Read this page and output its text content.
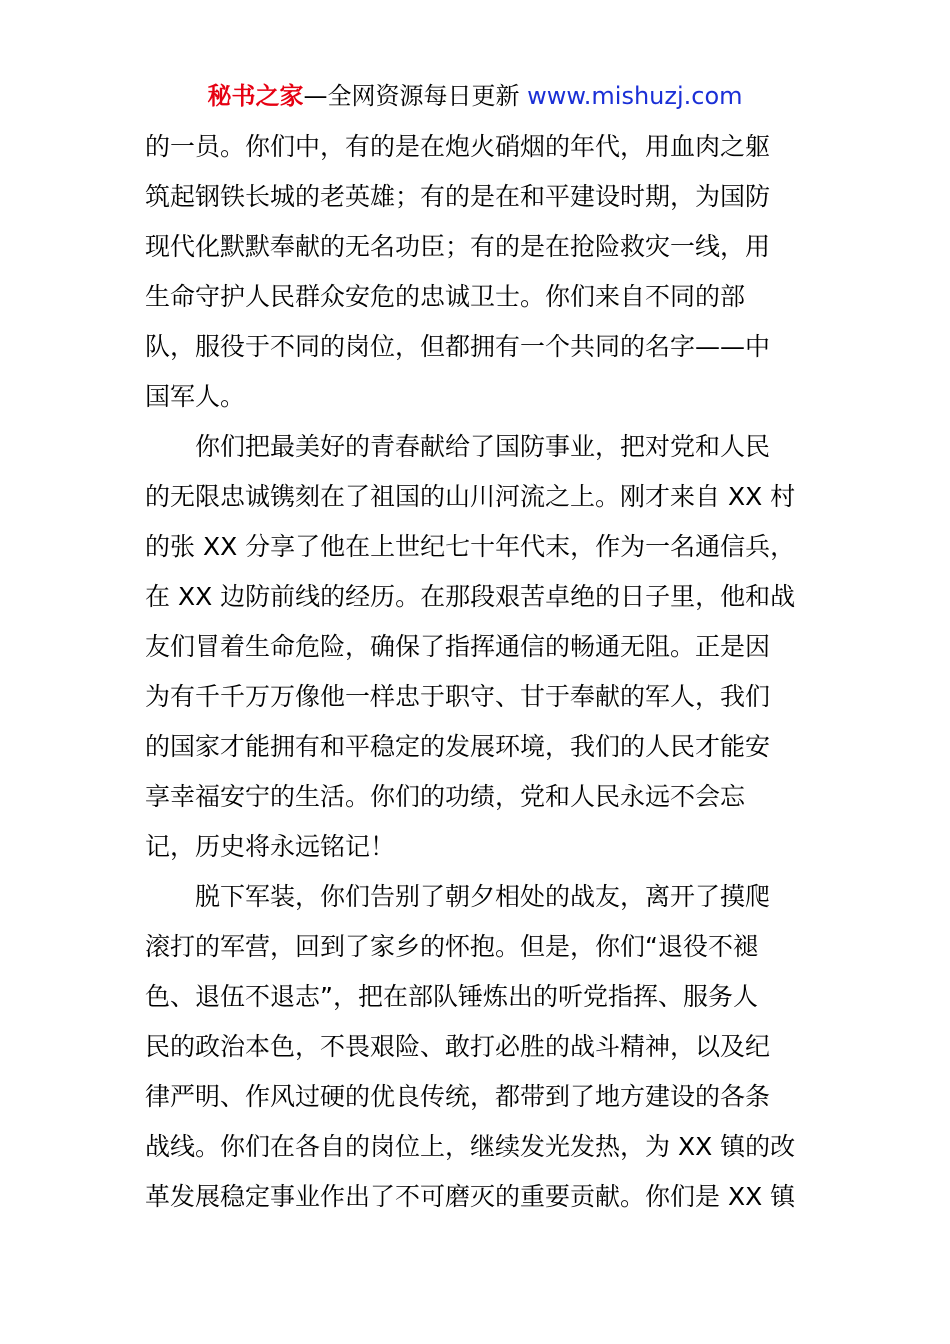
秘书之家—全网资源每日更新 www.mishuzj.com
的一员。你们中，有的是在炮火硝烟的年代，用血肉之躯
筑起钢铁长城的老英雄；有的是在和平建设时期，为国防
现代化默默奉献的无名功臣；有的是在抢险救灾一线，用
生命守护人民群众安危的忠诚卫士。你们来自不同的部
队，服役于不同的岗位，但都拥有一个共同的名字——中
国军人。
　　你们把最美好的青春献给了国防事业，把对党和人民
的无限忠诚镌刻在了祖国的山川河流之上。刚才来自 XX 村
的张 XX 分享了他在上世纪七十年代末，作为一名通信兵，
在 XX 边防前线的经历。在那段艰苦卓绝的日子里，他和战
友们冒着生命危险，确保了指挥通信的畅通无阻。正是因
为有千千万万像他一样忠于职守、甘于奉献的军人，我们
的国家才能拥有和平稳定的发展环境，我们的人民才能安
享幸福安宁的生活。你们的功绩，党和人民永远不会忘
记，历史将永远铭记！
　　脱下军装，你们告别了朝夕相处的战友，离开了摸爬
滚打的军营，回到了家乡的怀抱。但是，你们“退役不褪
色、退伍不退志”，把在部队锤炼出的听党指挥、服务人
民的政治本色，不畏艰险、敢打必胜的战斗精神，以及纪
律严明、作风过硬的优良传统，都带到了地方建设的各条
战线。你们在各自的岗位上，继续发光发热，为 XX 镇的改
革发展稳定事业作出了不可磨灭的重要贡献。你们是 XX 镇
